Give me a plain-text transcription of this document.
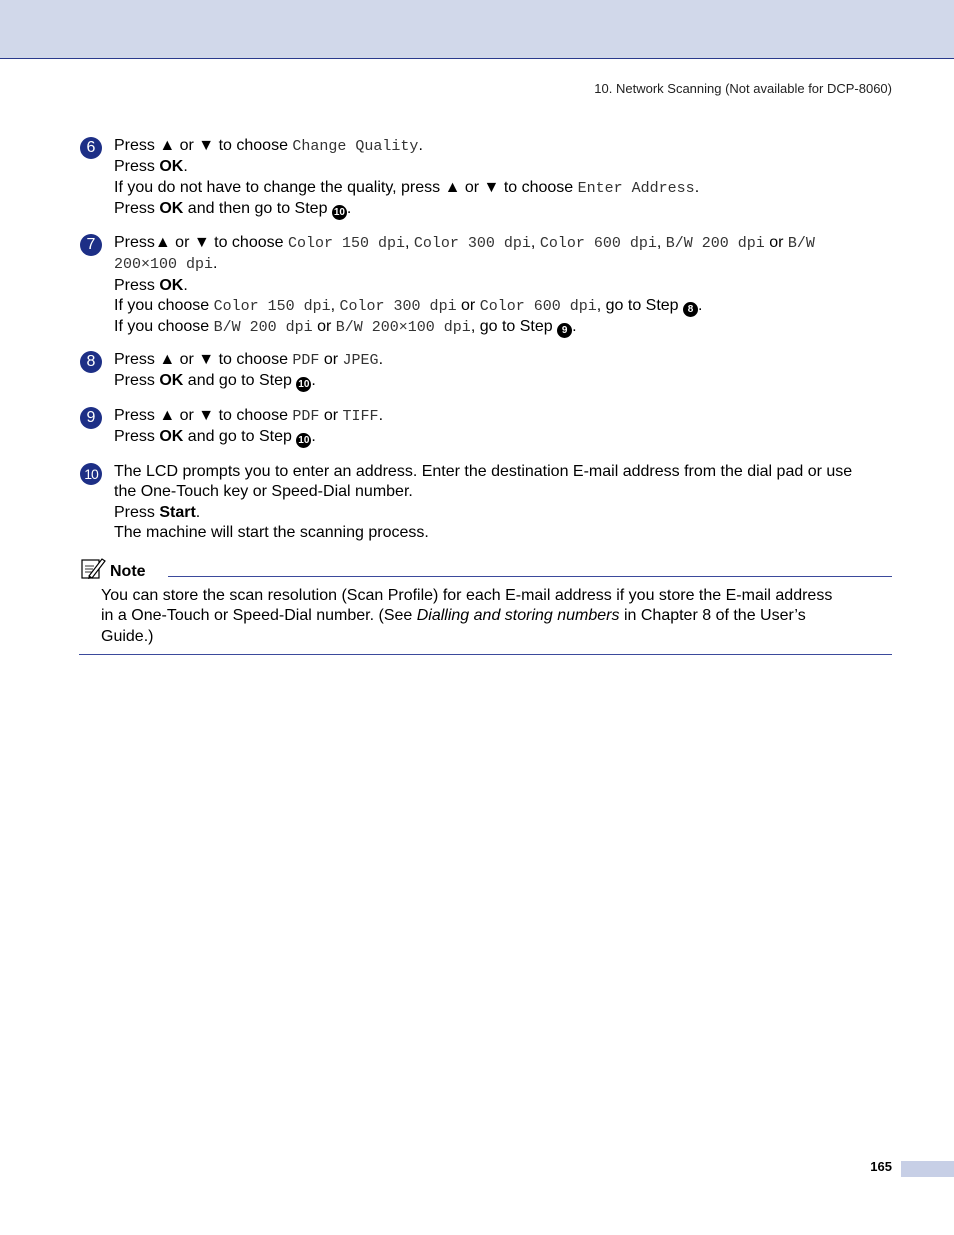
10. Network Scanning (Not available for DCP-8060)
6	Press ▲ or ▼ to choose Change Quality.
Press OK.
If you do not have to change the quality, press ▲ or ▼ to choose Enter Address.
Press OK and then go to Step 10 .
7	Press▲ or ▼ to choose Color 150 dpi, Color 300 dpi, Color 600 dpi, B/W 200 dpi or B/W
200×100 dpi.
Press OK.
If you choose Color 150 dpi, Color 300 dpi or Color 600 dpi, go to Step 8 .
If you choose B/W 200 dpi or B/W 200×100 dpi, go to Step 9 .
8	Press ▲ or ▼ to choose PDF or JPEG.
Press OK and go to Step 10 .
9	Press ▲ or ▼ to choose PDF or TIFF.
Press OK and go to Step 10 .
10 The LCD prompts you to enter an address. Enter the destination E-mail address from the dial pad or use
the One-Touch key or Speed-Dial number.
Press Start.
The machine will start the scanning process.
Note
You can store the scan resolution (Scan Profile) for each E-mail address if you store the E-mail address
in a One-Touch or Speed-Dial number. (See Dialling and storing numbers in Chapter 8 of the User’s
Guide.)
165
